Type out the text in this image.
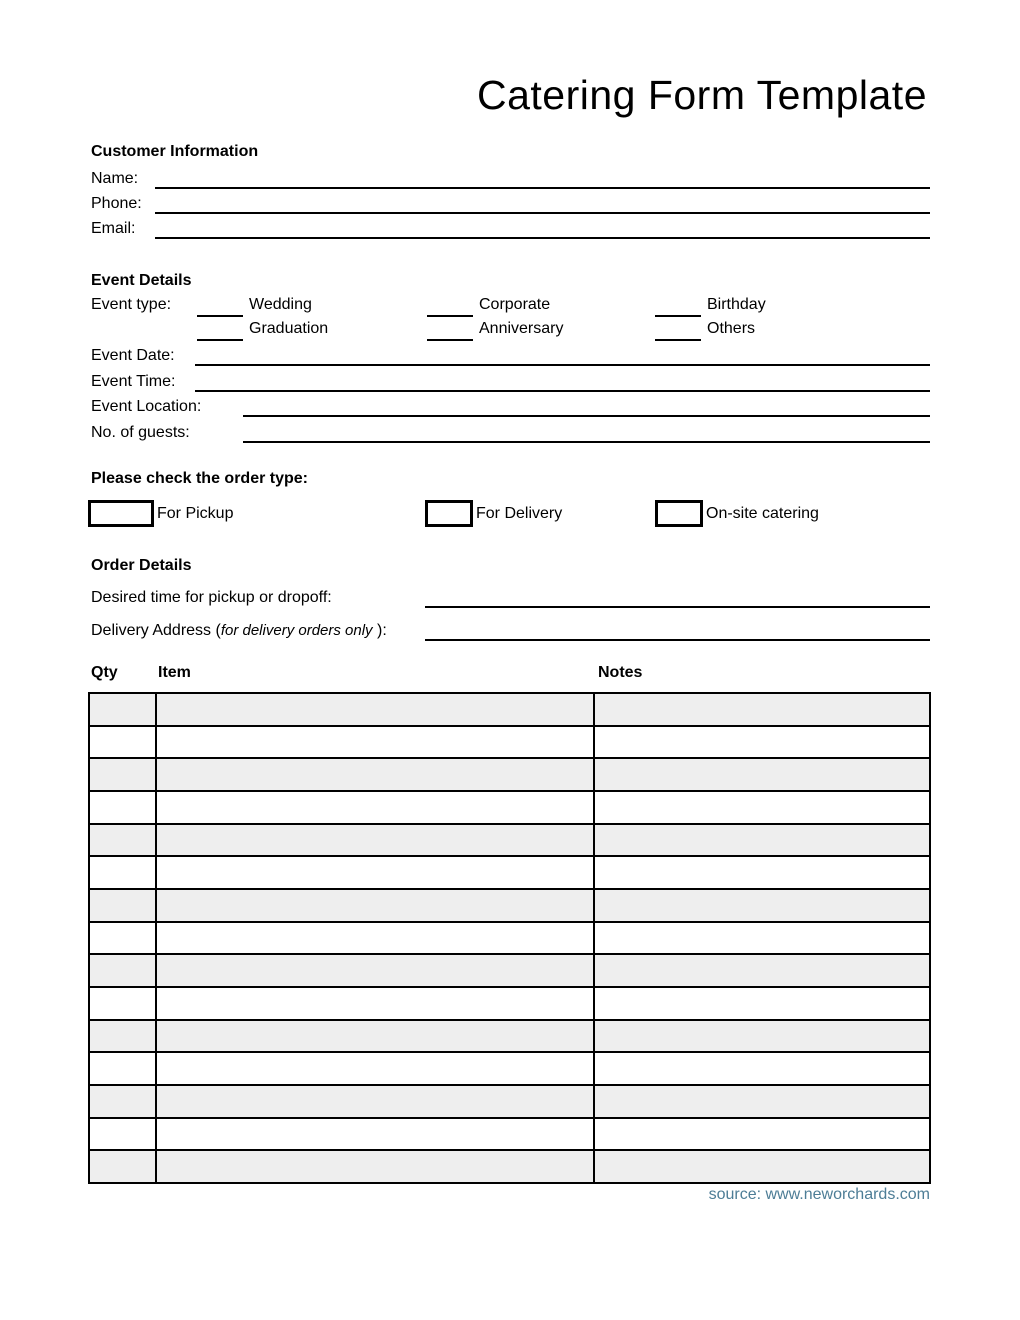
Catering Form Template
Customer Information
Name:
Phone:
Email:
Event Details
Event type:	Wedding	Corporate	Birthday
Graduation	Anniversary	Others
Event Date:
Event Time:
Event Location:
No. of guests:
Please check the order type:
For Pickup	For Delivery	On-site catering
Order Details
Desired time for pickup or dropoff:
Delivery Address (for delivery orders only ):
Qty	Item	Notes
source: www.neworchards.com
